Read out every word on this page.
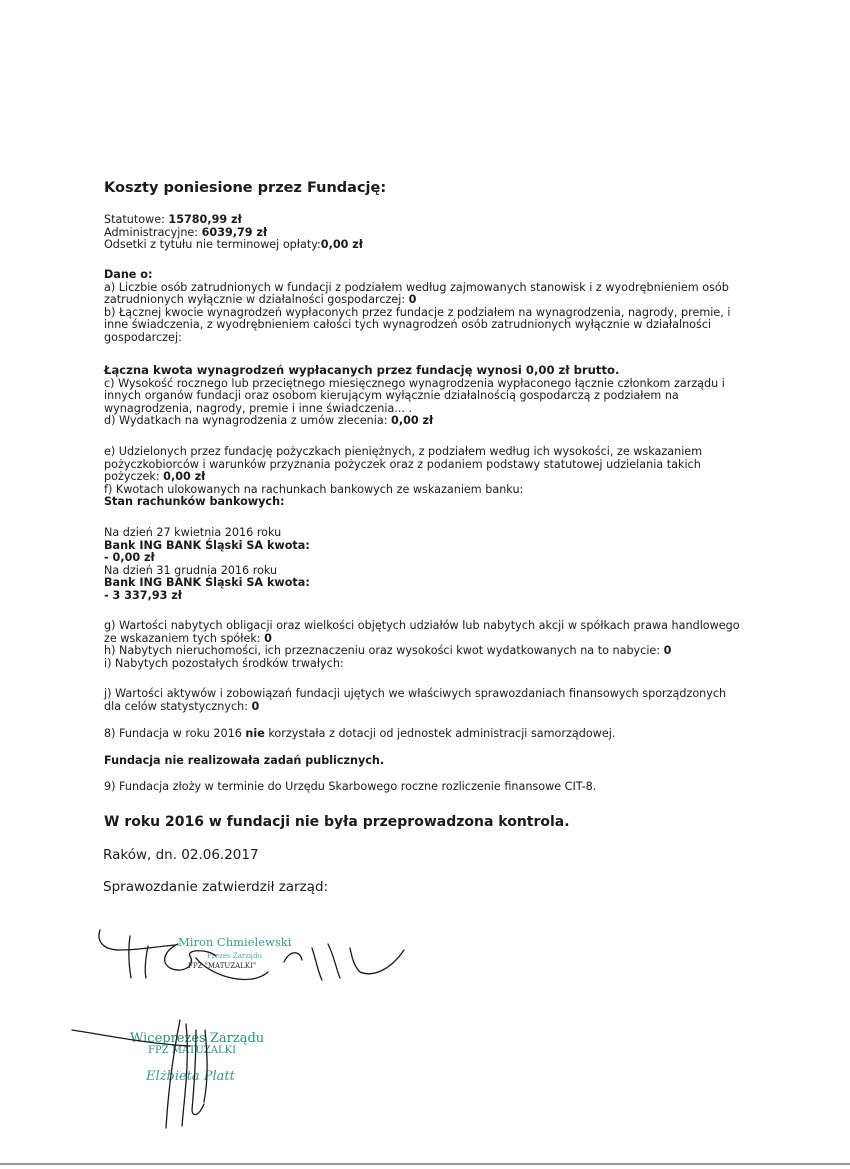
Koszty poniesione przez Fundację:

Statutowe: 15780,99 zł

Administracyjne: 6039,79 zł

Odsetki z tytułu nie terminowej opłaty:0,00 zł

Dane o:

a) Liczbie osób zatrudnionych w fundacji z podziałem według zajmowanych stanowisk i z wyodrębnieniem osób zatrudnionych wyłącznie w działalności gospodarczej: 0

b) Łącznej kwocie wynagrodzeń wypłaconych przez fundacje z podziałem na wynagrodzenia, nagrody, premie, i inne świadczenia, z wyodrębnieniem całości tych wynagrodzeń osób zatrudnionych wyłącznie w działalności gospodarczej:

Łączna kwota wynagrodzeń wypłacanych przez fundację wynosi 0,00 zł brutto.

c) Wysokość rocznego lub przeciętnego miesięcznego wynagrodzenia wypłaconego łącznie członkom zarządu i innych organów fundacji oraz osobom kierującym wyłącznie działalnością gospodarczą z podziałem na wynagrodzenia, nagrody, premie i inne świadczenia... .

d) Wydatkach na wynagrodzenia z umów zlecenia: 0,00 zł

e) Udzielonych przez fundację pożyczkach pieniężnych, z podziałem według ich wysokości, ze wskazaniem pożyczkobiorców i warunków przyznania pożyczek oraz z podaniem podstawy statutowej udzielania takich pożyczek: 0,00 zł

f) Kwotach ulokowanych na rachunkach bankowych ze wskazaniem banku:

Stan rachunków bankowych:

Na dzień 27 kwietnia 2016 roku

Bank ING BANK Śląski SA kwota:

- 0,00 zł

Na dzień 31 grudnia 2016 roku

Bank ING BANK Śląski SA kwota:

- 3 337,93 zł

g) Wartości nabytych obligacji oraz wielkości objętych udziałów lub nabytych akcji w spółkach prawa handlowego ze wskazaniem tych spółek: 0

h) Nabytych nieruchomości, ich przeznaczeniu oraz wysokości kwot wydatkowanych na to nabycie: 0

i) Nabytych pozostałych środków trwałych:

j) Wartości aktywów i zobowiązań fundacji ujętych we właściwych sprawozdaniach finansowych sporządzonych dla celów statystycznych: 0

8) Fundacja w roku 2016 nie korzystała z dotacji od jednostek administracji samorządowej.

Fundacja nie realizowała zadań publicznych.

9) Fundacja złoży w terminie do Urzędu Skarbowego roczne rozliczenie finansowe CIT-8.

W roku 2016 w fundacji nie była przeprowadzona kontrola.
Raków, dn. 02.06.2017
Sprawozdanie zatwierdził zarząd:
Miron Chmielewski
Prezes Zarządu
FPZ "MATUZALKI"
Wiceprezes Zarządu
FPZ MATUZALKI
Elżbieta Platt
